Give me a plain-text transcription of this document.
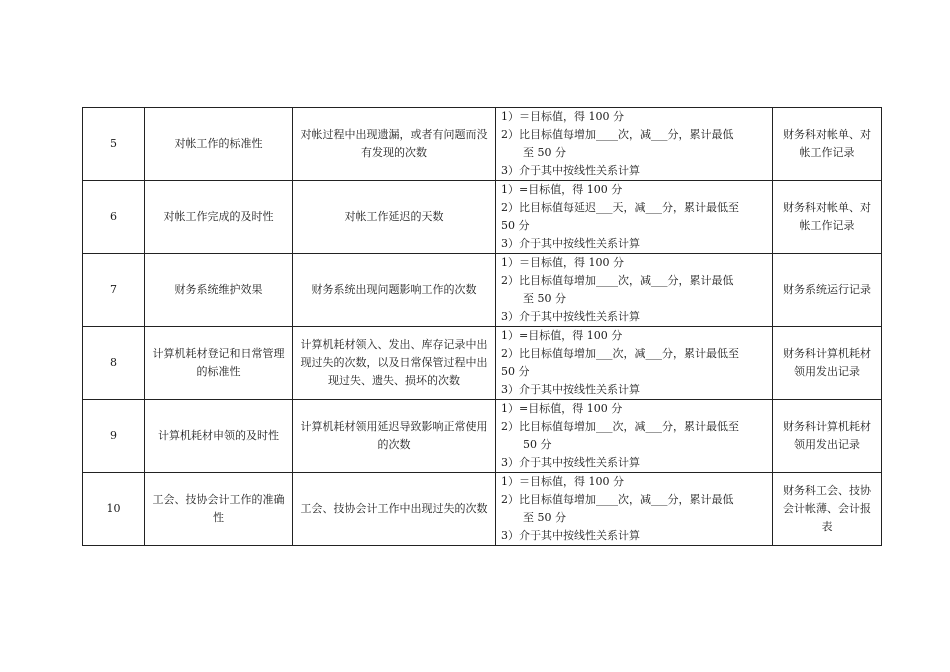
5	对帐工作的标准性	对帐过程中出现遗漏，或者有问题而没有发现的次数	1）＝目标值，得 100 分
2）比目标值每增加____次，减___分，累计最低
至 50 分
3）介于其中按线性关系计算	财务科对帐单、对帐工作记录
6	对帐工作完成的及时性	对帐工作延迟的天数	1）=目标值，得 100 分
2）比目标值每延迟___天，减___分，累计最低至
50 分
3）介于其中按线性关系计算	财务科对帐单、对帐工作记录
7	财务系统维护效果	财务系统出现问题影响工作的次数	1）＝目标值，得 100 分
2）比目标值每增加____次，减___分，累计最低
至 50 分
3）介于其中按线性关系计算	财务系统运行记录
8	计算机耗材登记和日常管理的标准性	计算机耗材领入、发出、库存记录中出现过失的次数，以及日常保管过程中出现过失、遗失、损坏的次数	1）=目标值，得 100 分
2）比目标值每增加___次，减___分，累计最低至
50 分
3）介于其中按线性关系计算	财务科计算机耗材领用发出记录
9	计算机耗材申领的及时性	计算机耗材领用延迟导致影响正常使用的次数	1）=目标值，得 100 分
2）比目标值每增加___次，减___分，累计最低至
50 分
3）介于其中按线性关系计算	财务科计算机耗材领用发出记录
10	工会、技协会计工作的准确性	工会、技协会计工作中出现过失的次数	1）＝目标值，得 100 分
2）比目标值每增加____次，减___分，累计最低
至 50 分
3）介于其中按线性关系计算	财务科工会、技协会计帐薄、会计报表
